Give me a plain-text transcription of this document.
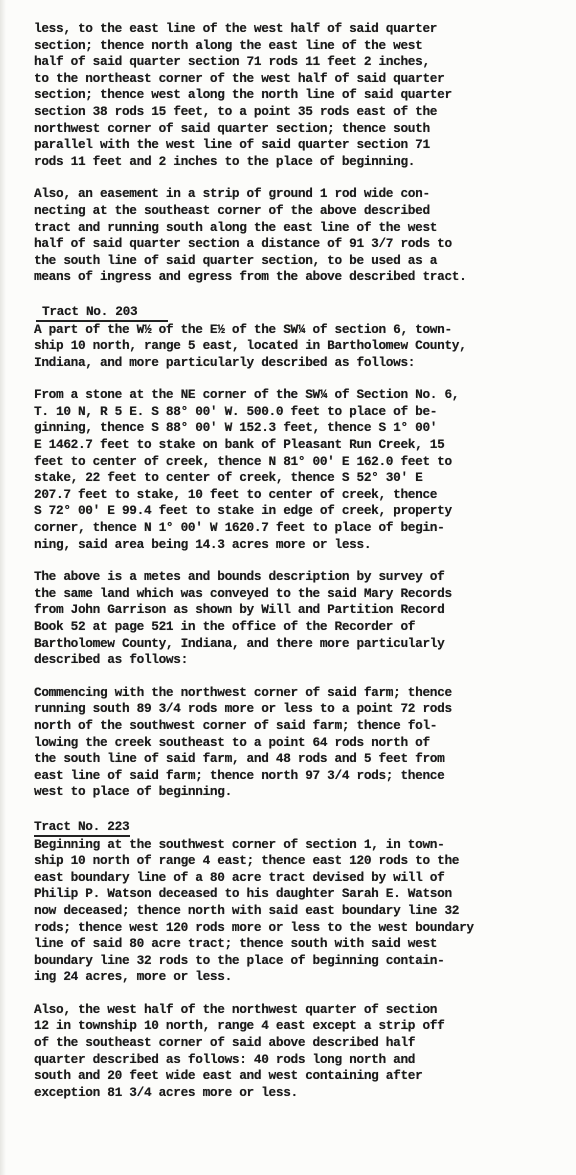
less, to the east line of the west half of said quarter
section; thence north along the east line of the west
half of said quarter section 71 rods 11 feet 2 inches,
to the northeast corner of the west half of said quarter
section; thence west along the north line of said quarter
section 38 rods 15 feet, to a point 35 rods east of the
northwest corner of said quarter section; thence south
parallel with the west line of said quarter section 71
rods 11 feet and 2 inches to the place of beginning.
Also, an easement in a strip of ground 1 rod wide con-
necting at the southeast corner of the above described
tract and running south along the east line of the west
half of said quarter section a distance of 91 3/7 rods to
the south line of said quarter section, to be used as a
means of ingress and egress from the above described tract.
Tract No. 203
A part of the W½ of the E½ of the SW¼ of section 6, town-
ship 10 north, range 5 east, located in Bartholomew County,
Indiana, and more particularly described as follows:
From a stone at the NE corner of the SW¼ of Section No. 6,
T. 10 N, R 5 E. S 88° 00' W. 500.0 feet to place of be-
ginning, thence S 88° 00' W 152.3 feet, thence S 1° 00'
E 1462.7 feet to stake on bank of Pleasant Run Creek, 15
feet to center of creek, thence N 81° 00' E 162.0 feet to
stake, 22 feet to center of creek, thence S 52° 30' E
207.7 feet to stake, 10 feet to center of creek, thence
S 72° 00' E 99.4 feet to stake in edge of creek, property
corner, thence N 1° 00' W 1620.7 feet to place of begin-
ning, said area being 14.3 acres more or less.
The above is a metes and bounds description by survey of
the same land which was conveyed to the said Mary Records
from John Garrison as shown by Will and Partition Record
Book 52 at page 521 in the office of the Recorder of
Bartholomew County, Indiana, and there more particularly
described as follows:
Commencing with the northwest corner of said farm; thence
running south 89 3/4 rods more or less to a point 72 rods
north of the southwest corner of said farm; thence fol-
lowing the creek southeast to a point 64 rods north of
the south line of said farm, and 48 rods and 5 feet from
east line of said farm; thence north 97 3/4 rods; thence
west to place of beginning.
Tract No. 223
Beginning at the southwest corner of section 1, in town-
ship 10 north of range 4 east; thence east 120 rods to the
east boundary line of a 80 acre tract devised by will of
Philip P. Watson deceased to his daughter Sarah E. Watson
now deceased; thence north with said east boundary line 32
rods; thence west 120 rods more or less to the west boundary
line of said 80 acre tract; thence south with said west
boundary line 32 rods to the place of beginning contain-
ing 24 acres, more or less.
Also, the west half of the northwest quarter of section
12 in township 10 north, range 4 east except a strip off
of the southeast corner of said above described half
quarter described as follows: 40 rods long north and
south and 20 feet wide east and west containing after
exception 81 3/4 acres more or less.
